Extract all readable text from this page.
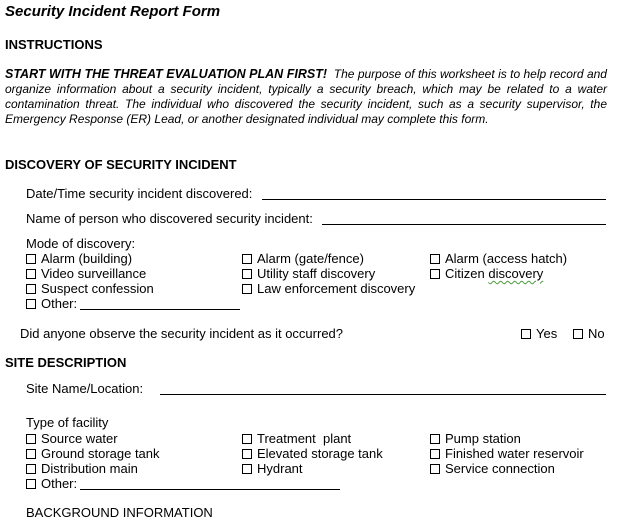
Security Incident Report Form
INSTRUCTIONS
START WITH THE THREAT EVALUATION PLAN FIRST! The purpose of this worksheet is to help record and organize information about a security incident, typically a security breach, which may be related to a water contamination threat. The individual who discovered the security incident, such as a security supervisor, the Emergency Response (ER) Lead, or another designated individual may complete this form.
DISCOVERY OF SECURITY INCIDENT
Date/Time security incident discovered:
Name of person who discovered security incident:
Mode of discovery:
Alarm (building)	Alarm (gate/fence)	Alarm (access hatch)
Video surveillance	Utility staff discovery	Citizen discovery
Suspect confession	Law enforcement discovery
Other:
Did anyone observe the security incident as it occurred?	Yes No
SITE DESCRIPTION
Site Name/Location:
Type of facility
Source water	Treatment  plant	Pump station
Ground storage tank	Elevated storage tank	Finished water reservoir
Distribution main	Hydrant	Service connection
Other:
BACKGROUND INFORMATION
